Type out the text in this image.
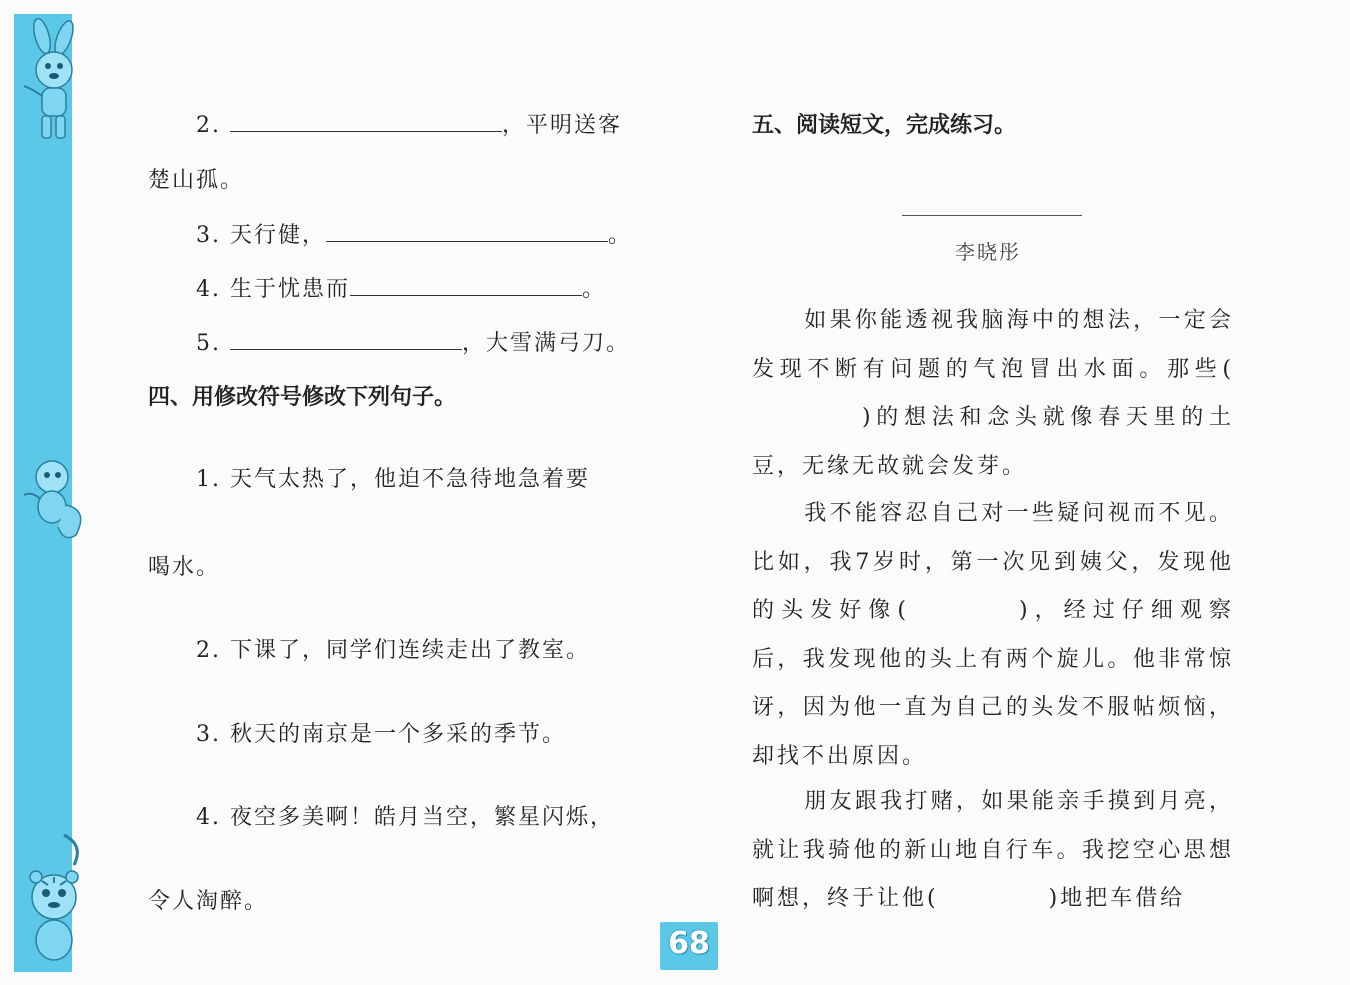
2.	，平明送客
楚山孤。
3. 天行健，	。
4. 生于忧患而	。
5.	，大雪满弓刀。
四、用修改符号修改下列句子。
1. 天气太热了，他迫不急待地急着要
喝水。
2. 下课了，同学们连续走出了教室。
3. 秋天的南京是一个多采的季节。
4. 夜空多美啊！皓月当空，繁星闪烁，
令人淘醉。
五、阅读短文，完成练习。
李晓彤
如果你能透视我脑海中的想法，一定会发现不断有问题的气泡冒出水面。那些()的想法和念头就像春天里的土豆，无缘无故就会发芽。
我不能容忍自己对一些疑问视而不见。比如，我7岁时，第一次见到姨父，发现他的头发好像(	)，经过仔细观察后，我发现他的头上有两个旋儿。他非常惊讶，因为他一直为自己的头发不服帖烦恼，却找不出原因。
朋友跟我打赌，如果能亲手摸到月亮，就让我骑他的新山地自行车。我挖空心思想啊想，终于让他(	)地把车借给
68
